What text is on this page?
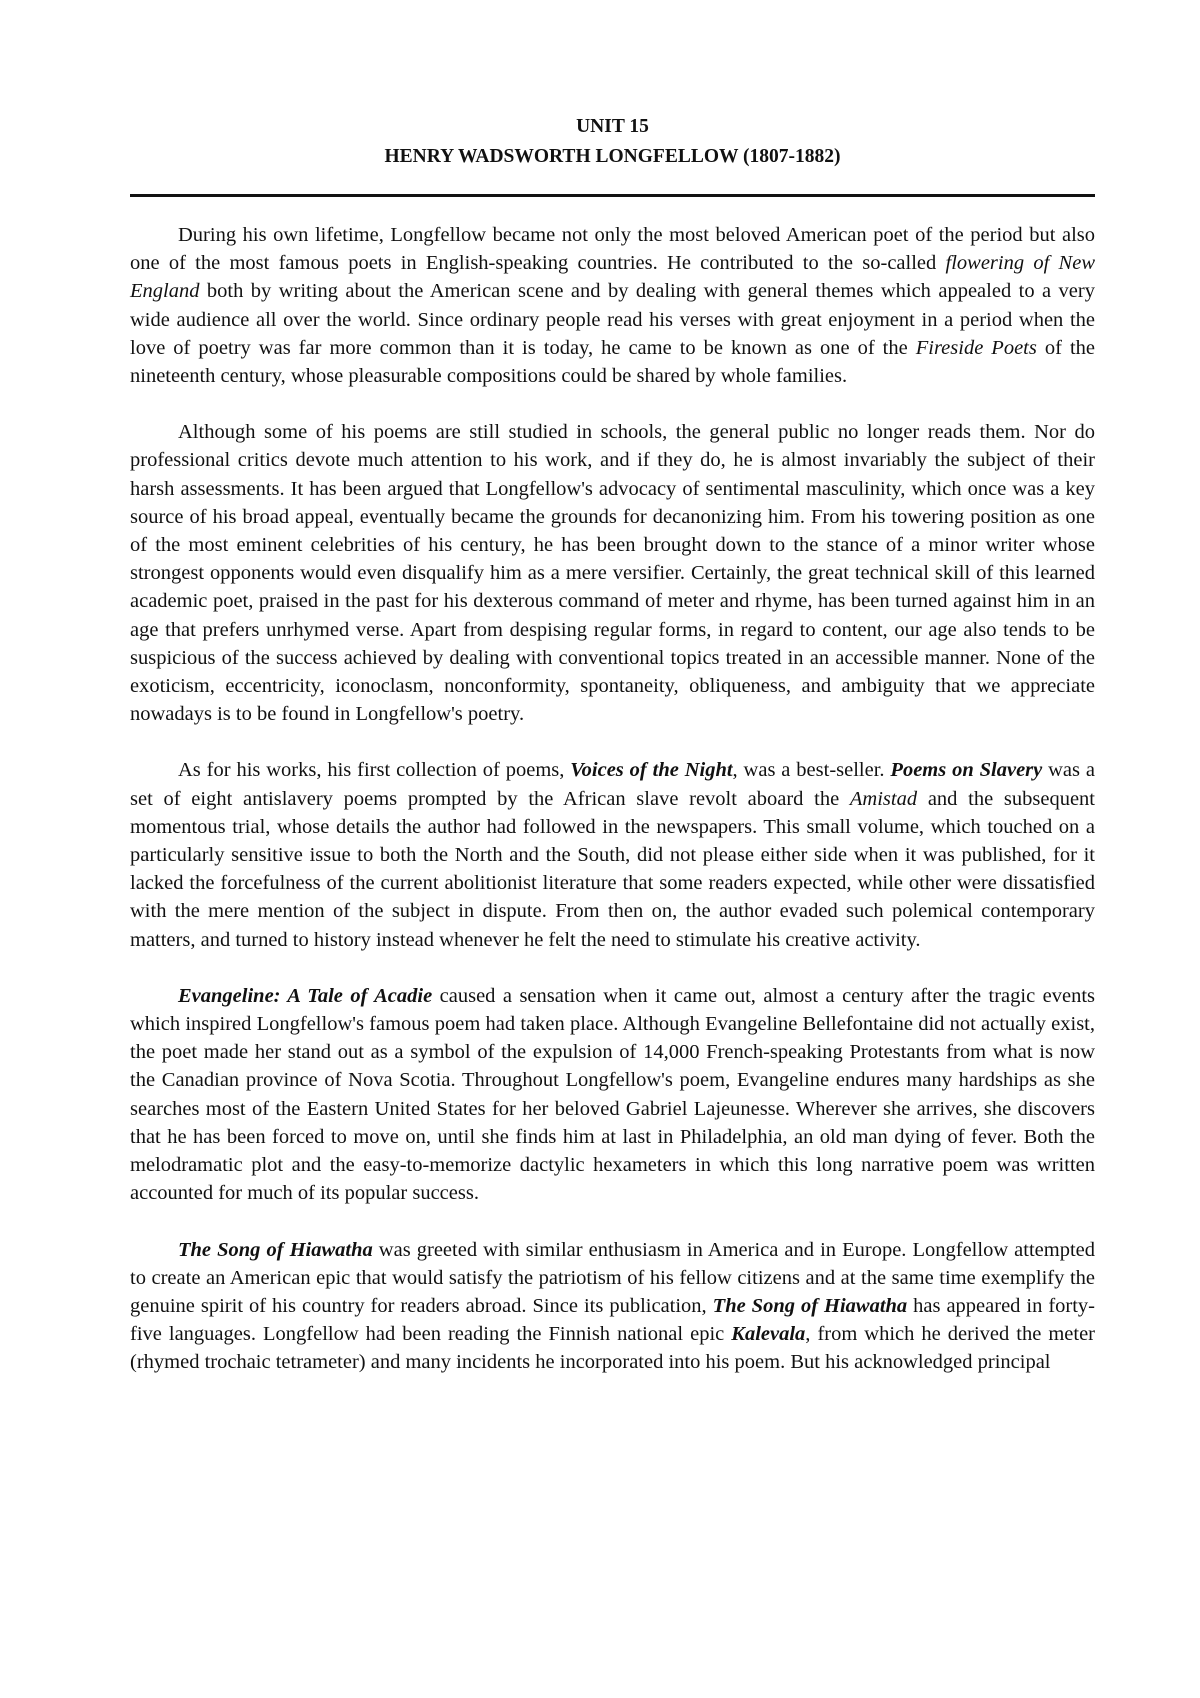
UNIT 15

HENRY WADSWORTH LONGFELLOW (1807-1882)

During his own lifetime, Longfellow became not only the most beloved American poet of the period but also one of the most famous poets in English-speaking countries. He contributed to the so-called flowering of New England both by writing about the American scene and by dealing with general themes which appealed to a very wide audience all over the world. Since ordinary people read his verses with great enjoyment in a period when the love of poetry was far more common than it is today, he came to be known as one of the Fireside Poets of the nineteenth century, whose pleasurable compositions could be shared by whole families.

Although some of his poems are still studied in schools, the general public no longer reads them. Nor do professional critics devote much attention to his work, and if they do, he is almost invariably the subject of their harsh assessments. It has been argued that Longfellow's advocacy of sentimental masculinity, which once was a key source of his broad appeal, eventually became the grounds for decanonizing him. From his towering position as one of the most eminent celebrities of his century, he has been brought down to the stance of a minor writer whose strongest opponents would even disqualify him as a mere versifier. Certainly, the great technical skill of this learned academic poet, praised in the past for his dexterous command of meter and rhyme, has been turned against him in an age that prefers unrhymed verse. Apart from despising regular forms, in regard to content, our age also tends to be suspicious of the success achieved by dealing with conventional topics treated in an accessible manner. None of the exoticism, eccentricity, iconoclasm, nonconformity, spontaneity, obliqueness, and ambiguity that we appreciate nowadays is to be found in Longfellow's poetry.

As for his works, his first collection of poems, Voices of the Night, was a best-seller. Poems on Slavery was a set of eight antislavery poems prompted by the African slave revolt aboard the Amistad and the subsequent momentous trial, whose details the author had followed in the newspapers. This small volume, which touched on a particularly sensitive issue to both the North and the South, did not please either side when it was published, for it lacked the forcefulness of the current abolitionist literature that some readers expected, while other were dissatisfied with the mere mention of the subject in dispute. From then on, the author evaded such polemical contemporary matters, and turned to history instead whenever he felt the need to stimulate his creative activity.

Evangeline: A Tale of Acadie caused a sensation when it came out, almost a century after the tragic events which inspired Longfellow's famous poem had taken place. Although Evangeline Bellefontaine did not actually exist, the poet made her stand out as a symbol of the expulsion of 14,000 French-speaking Protestants from what is now the Canadian province of Nova Scotia. Throughout Longfellow's poem, Evangeline endures many hardships as she searches most of the Eastern United States for her beloved Gabriel Lajeunesse. Wherever she arrives, she discovers that he has been forced to move on, until she finds him at last in Philadelphia, an old man dying of fever. Both the melodramatic plot and the easy-to-memorize dactylic hexameters in which this long narrative poem was written accounted for much of its popular success.

The Song of Hiawatha was greeted with similar enthusiasm in America and in Europe. Longfellow attempted to create an American epic that would satisfy the patriotism of his fellow citizens and at the same time exemplify the genuine spirit of his country for readers abroad. Since its publication, The Song of Hiawatha has appeared in forty-five languages. Longfellow had been reading the Finnish national epic Kalevala, from which he derived the meter (rhymed trochaic tetrameter) and many incidents he incorporated into his poem. But his acknowledged principal
